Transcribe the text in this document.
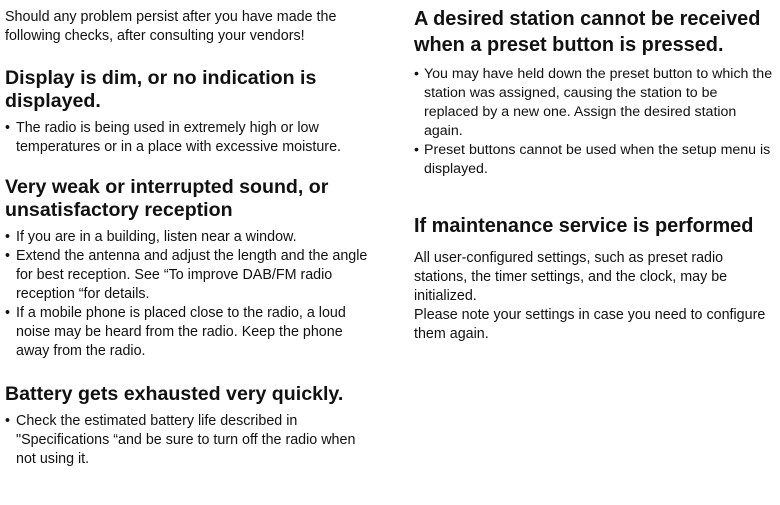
Should any problem persist after you have made the following checks, after consulting your vendors!

Display is dim, or no indication is displayed.
• The radio is being used in extremely high or low temperatures or in a place with excessive moisture.
Very weak or interrupted sound, or unsatisfactory reception
• If you are in a building, listen near a window.
• Extend the antenna and adjust the length and the angle for best reception. See “To improve DAB/FM radio reception “for details.
• If a mobile phone is placed close to the radio, a loud noise may be heard from the radio. Keep the phone away from the radio.
Battery gets exhausted very quickly.
• Check the estimated battery life described in "Specifications “and be sure to turn off the radio when not using it.
A desired station cannot be received when a preset button is pressed.
• You may have held down the preset button to which the station was assigned, causing the station to be replaced by a new one. Assign the desired station again.
• Preset buttons cannot be used when the setup menu is displayed.
If maintenance service is performed

All user-configured settings, such as preset radio stations, the timer settings, and the clock, may be initialized.

Please note your settings in case you need to configure them again.
